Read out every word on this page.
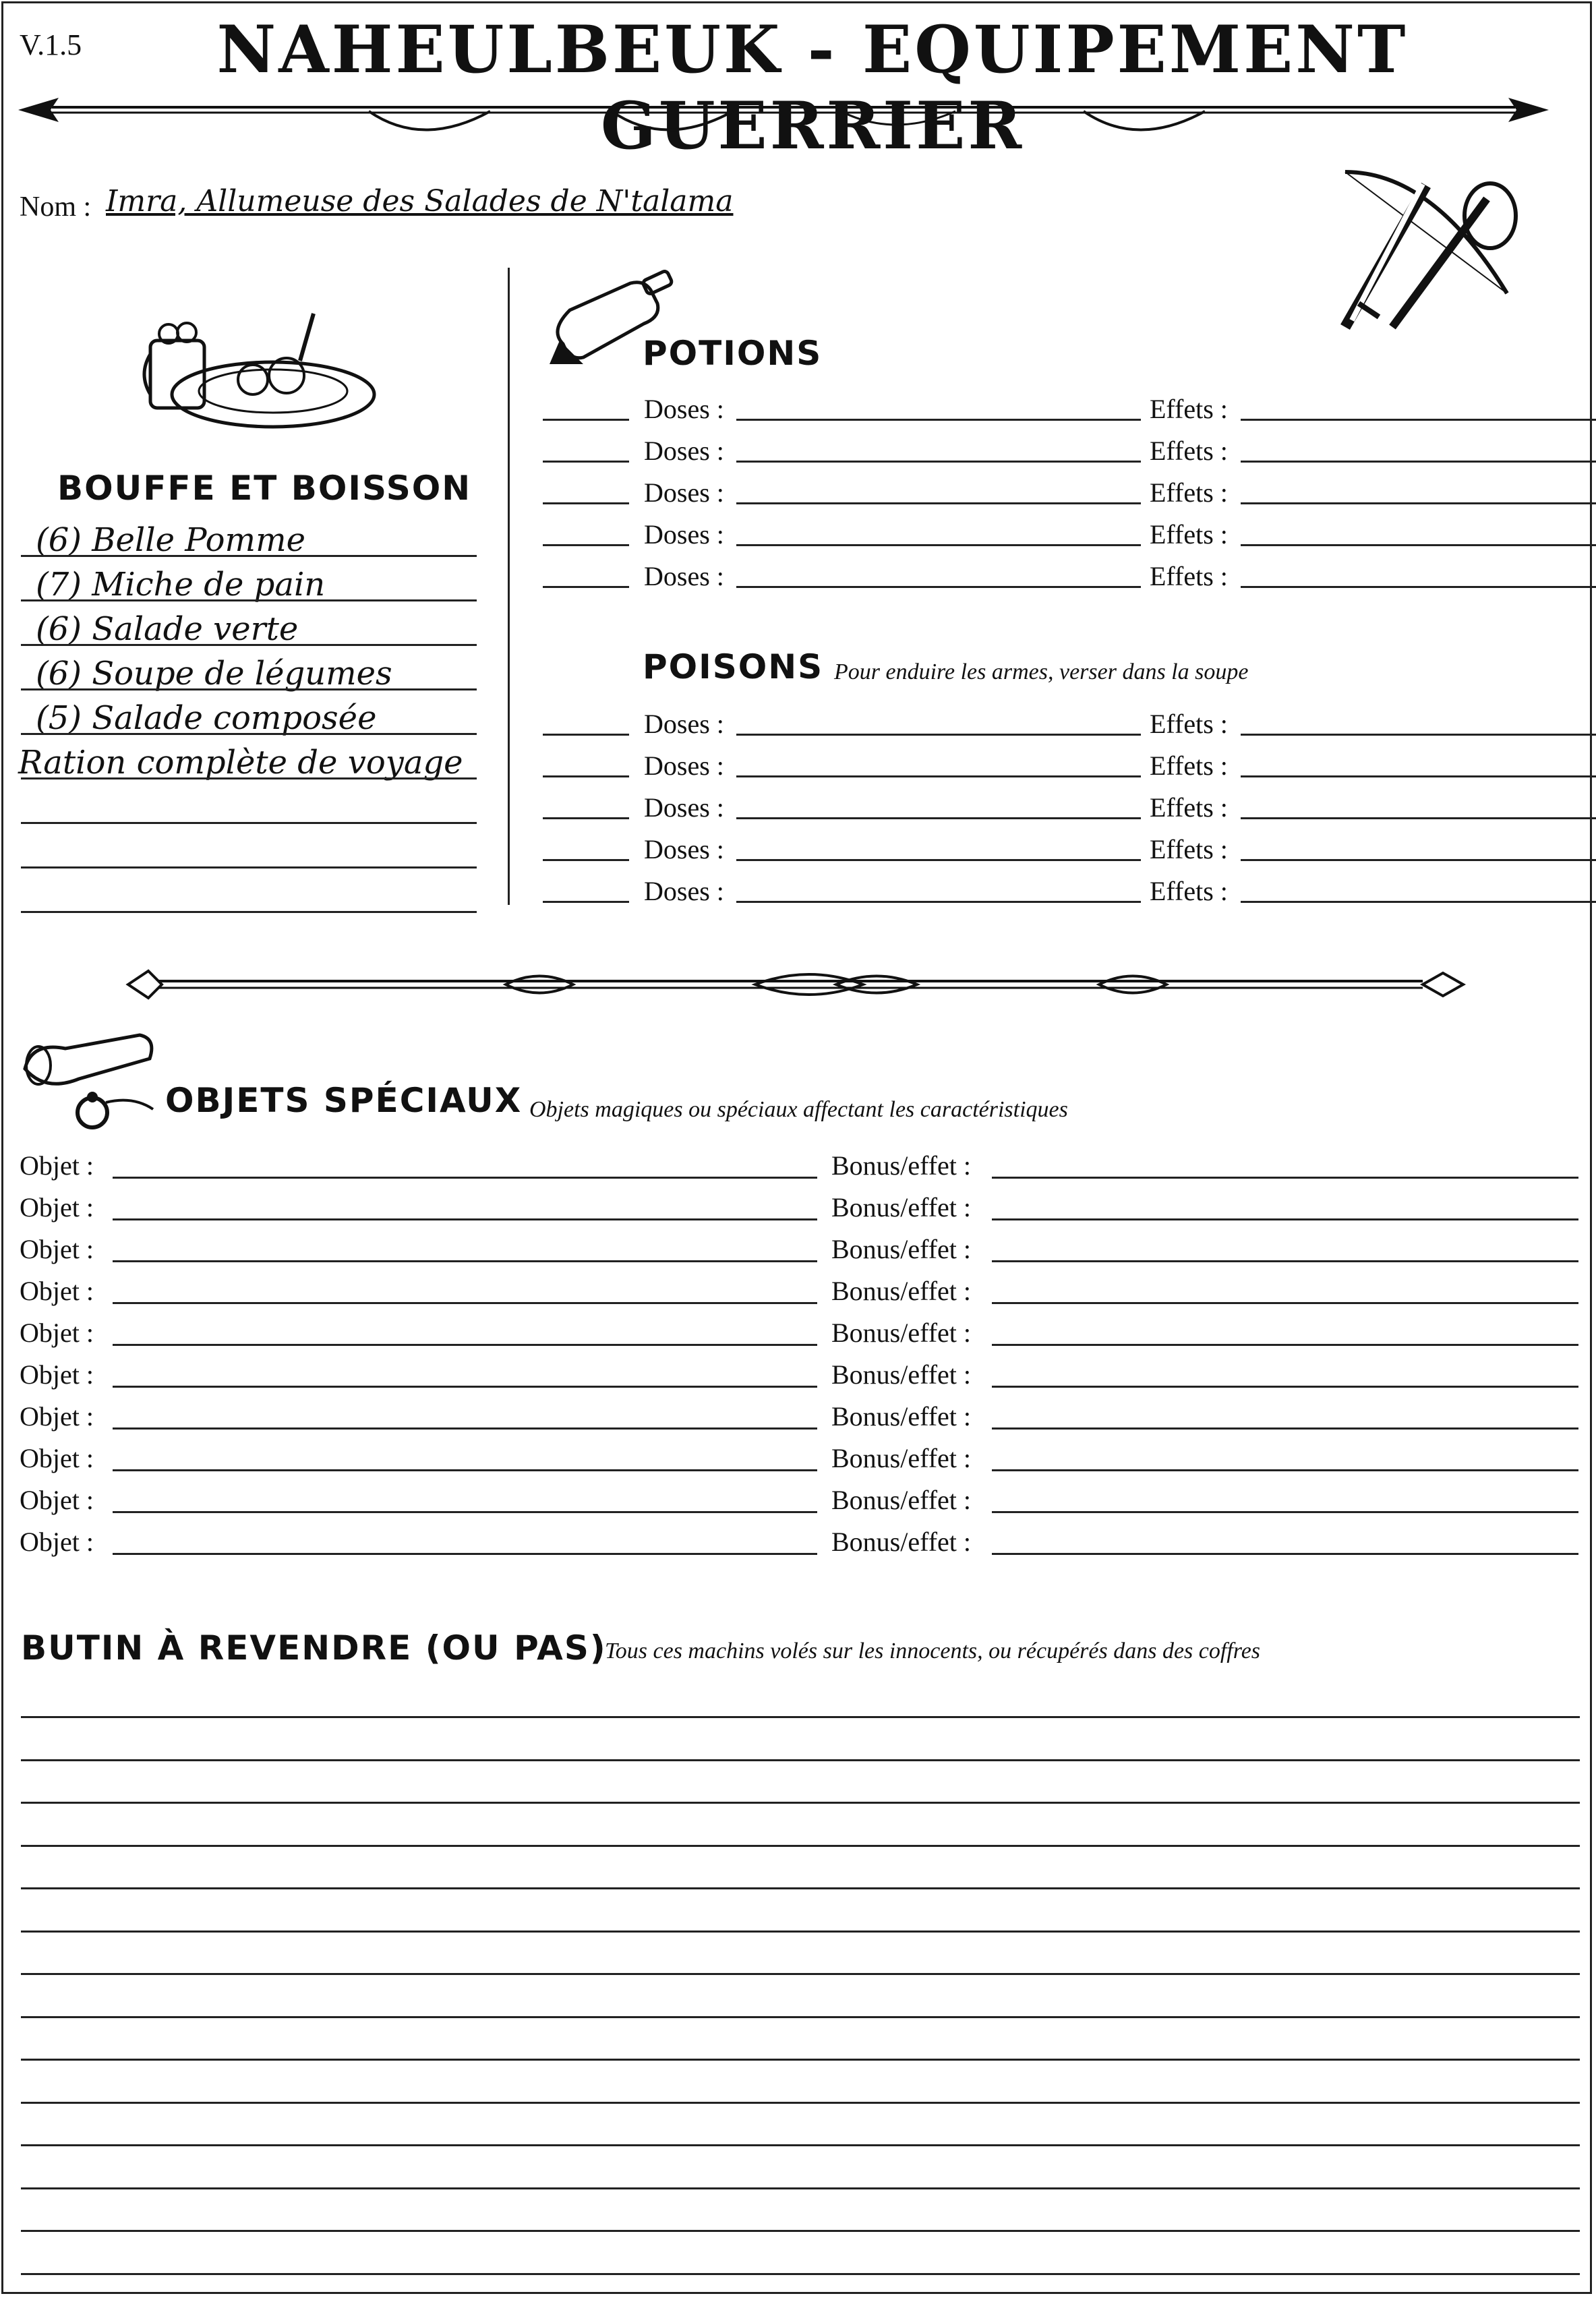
V.1.5	NAHEULBEUK - EQUIPEMENT GUERRIER
Nom : Imra, Allumeuse des Salades de N'talama
BOUFFE ET BOISSON
(6) Belle Pomme
(7) Miche de pain
(6) Salade verte
(6) Soupe de légumes
(5) Salade composée
Ration complète de voyage
POTIONS
Doses :	Effets :
Doses :	Effets :
Doses :	Effets :
Doses :	Effets :
Doses :	Effets :
POISONS Pour enduire les armes, verser dans la soupe
Doses :	Effets :
Doses :	Effets :
Doses :	Effets :
Doses :	Effets :
Doses :	Effets :
OBJETS SPÉCIAUX Objets magiques ou spéciaux affectant les caractéristiques
Objet :	Bonus/effet :
Objet :	Bonus/effet :
Objet :	Bonus/effet :
Objet :	Bonus/effet :
Objet :	Bonus/effet :
Objet :	Bonus/effet :
Objet :	Bonus/effet :
Objet :	Bonus/effet :
Objet :	Bonus/effet :
Objet :	Bonus/effet :
BUTIN À REVENDRE (OU PAS)
Tous ces machins volés sur les innocents, ou récupérés dans des coffres
